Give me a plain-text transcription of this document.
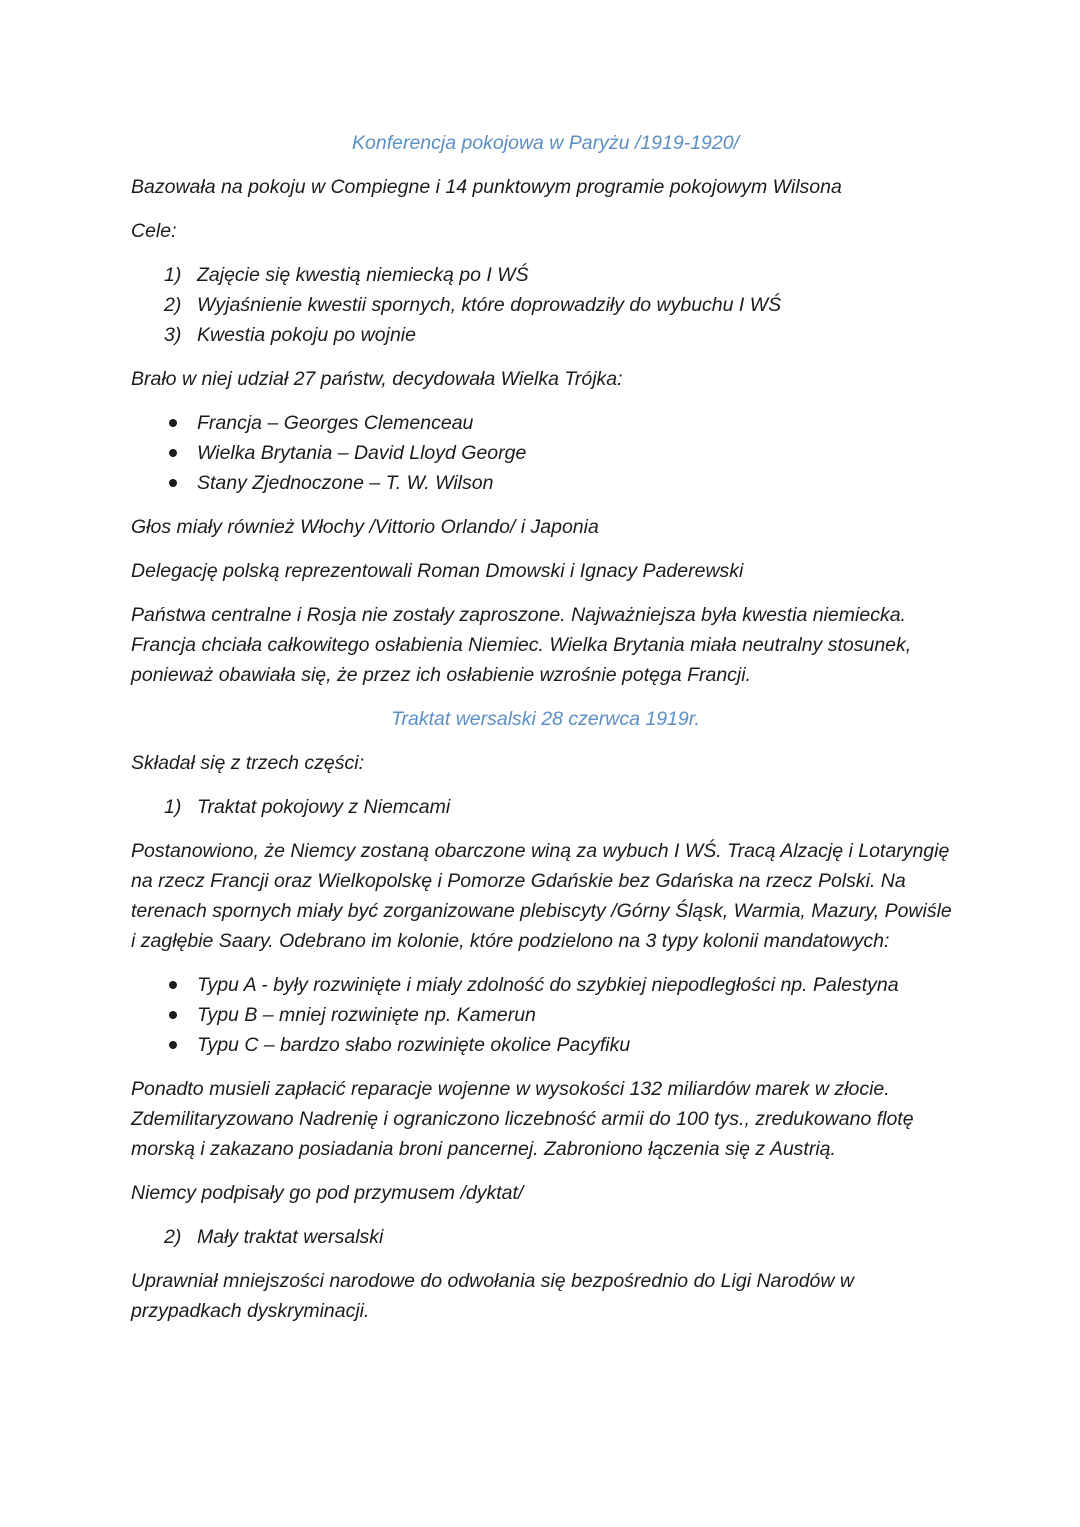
Konferencja pokojowa w Paryżu /1919-1920/

Bazowała na pokoju w Compiegne i 14 punktowym programie pokojowym Wilsona

Cele:

1) Zajęcie się kwestią niemiecką po I WŚ
2) Wyjaśnienie kwestii spornych, które doprowadziły do wybuchu I WŚ
3) Kwestia pokoju po wojnie

Brało w niej udział 27 państw, decydowała Wielka Trójka:

Francja – Georges Clemenceau
Wielka Brytania – David Lloyd George
Stany Zjednoczone – T. W. Wilson

Głos miały również Włochy /Vittorio Orlando/ i Japonia

Delegację polską reprezentowali Roman Dmowski i Ignacy Paderewski

Państwa centralne i Rosja nie zostały zaproszone. Najważniejsza była kwestia niemiecka. Francja chciała całkowitego osłabienia Niemiec. Wielka Brytania miała neutralny stosunek, ponieważ obawiała się, że przez ich osłabienie wzrośnie potęga Francji.

Traktat wersalski 28 czerwca 1919r.

Składał się z trzech części:

1) Traktat pokojowy z Niemcami

Postanowiono, że Niemcy zostaną obarczone winą za wybuch I WŚ. Tracą Alzację i Lotaryngię na rzecz Francji oraz Wielkopolskę i Pomorze Gdańskie bez Gdańska na rzecz Polski. Na terenach spornych miały być zorganizowane plebiscyty /Górny Śląsk, Warmia, Mazury, Powiśle i zagłębie Saary. Odebrano im kolonie, które podzielono na 3 typy kolonii mandatowych:

Typu A - były rozwinięte i miały zdolność do szybkiej niepodległości np. Palestyna
Typu B – mniej rozwinięte np. Kamerun
Typu C – bardzo słabo rozwinięte okolice Pacyfiku

Ponadto musieli zapłacić reparacje wojenne w wysokości 132 miliardów marek w złocie. Zdemilitaryzowano Nadrenię i ograniczono liczebność armii do 100 tys., zredukowano flotę morską i zakazano posiadania broni pancernej. Zabroniono łączenia się z Austrią.

Niemcy podpisały go pod przymusem /dyktat/

2) Mały traktat wersalski

Uprawniał mniejszości narodowe do odwołania się bezpośrednio do Ligi Narodów w przypadkach dyskryminacji.
